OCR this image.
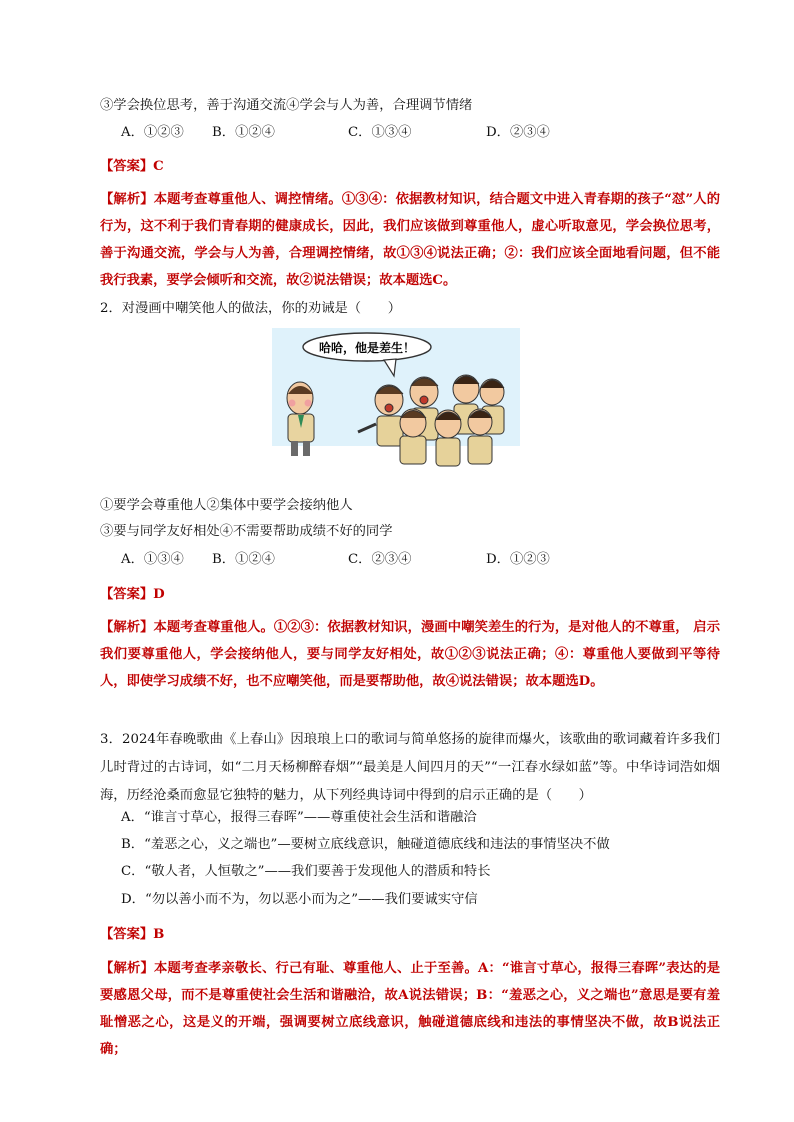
③学会换位思考，善于沟通交流④学会与人为善，合理调节情绪
A．①②③ B．①②④	C．①③④	D．②③④
【答案】C
【解析】本题考查尊重他人、调控情绪。①③④：依据教材知识，结合题文中进入青春期的孩子“怼”人的行为，这不利于我们青春期的健康成长，因此，我们应该做到尊重他人，虚心听取意见，学会换位思考，善于沟通交流，学会与人为善，合理调控情绪，故①③④说法正确；②：我们应该全面地看问题，但不能我行我素，要学会倾听和交流，故②说法错误；故本题选C。
2．对漫画中嘲笑他人的做法，你的劝诫是（　　）
哈哈，他是差生！
①要学会尊重他人②集体中要学会接纳他人
③要与同学友好相处④不需要帮助成绩不好的同学
A．①③④ B．①②④	C．②③④	D．①②③
【答案】D
【解析】本题考查尊重他人。①②③：依据教材知识，漫画中嘲笑差生的行为，是对他人的不尊重， 启示我们要尊重他人，学会接纳他人，要与同学友好相处，故①②③说法正确；④：尊重他人要做到平等待人，即使学习成绩不好，也不应嘲笑他，而是要帮助他，故④说法错误；故本题选D。
3．2024年春晚歌曲《上春山》因琅琅上口的歌词与简单悠扬的旋律而爆火，该歌曲的歌词藏着许多我们儿时背过的古诗词，如“二月天杨柳醉春烟”“最美是人间四月的天”“一江春水绿如蓝”等。中华诗词浩如烟海，历经沧桑而愈显它独特的魅力，从下列经典诗词中得到的启示正确的是（　　）
A．“谁言寸草心，报得三春晖”——尊重使社会生活和谐融洽
B．“羞恶之心，义之端也”—要树立底线意识，触碰道德底线和违法的事情坚决不做
C．“敬人者，人恒敬之”——我们要善于发现他人的潜质和特长
D．“勿以善小而不为，勿以恶小而为之”——我们要诚实守信
【答案】B
【解析】本题考查孝亲敬长、行己有耻、尊重他人、止于至善。A：“谁言寸草心，报得三春晖”表达的是要感恩父母，而不是尊重使社会生活和谐融洽，故A说法错误；B：“羞恶之心，义之端也”意思是要有羞耻憎恶之心，这是义的开端，强调要树立底线意识，触碰道德底线和违法的事情坚决不做，故B说法正确；
